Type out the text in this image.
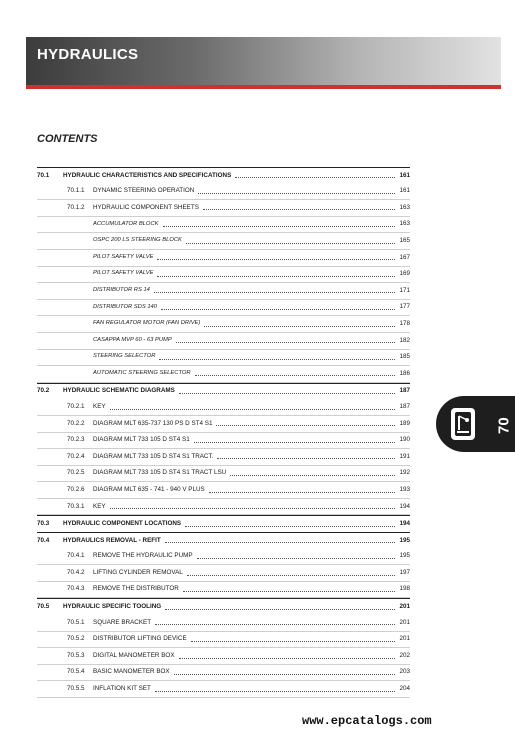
HYDRAULICS
CONTENTS
70.1	HYDRAULIC CHARACTERISTICS AND SPECIFICATIONS	161
70.1.1	DYNAMIC STEERING OPERATION	161
70.1.2	HYDRAULIC COMPONENT SHEETS	163
ACCUMULATOR BLOCK	163
OSPC 200 LS STEERING BLOCK	165
PILOT SAFETY VALVE	167
PILOT SAFETY VALVE	169
DISTRIBUTOR RS 14	171
DISTRIBUTOR SDS 140	177
FAN REGULATOR MOTOR (FAN DRIVE)	178
CASAPPA MVP 60 - 63 PUMP	182
STEERING SELECTOR	185
AUTOMATIC STEERING SELECTOR	186
70.2	HYDRAULIC SCHEMATIC DIAGRAMS	187
70.2.1	KEY	187
70.2.2	DIAGRAM MLT 635-737 130 PS D ST4 S1	189
70.2.3	DIAGRAM MLT 733 105 D ST4 S1	190
70.2.4	DIAGRAM MLT 733 105 D ST4 S1 TRACT.	191
70.2.5	DIAGRAM MLT 733 105 D ST4 S1 TRACT LSU	192
70.2.6	DIAGRAM MLT 635 - 741 - 940 V PLUS	193
70.3.1	KEY	194
70.3	HYDRAULIC COMPONENT LOCATIONS	194
70.4	HYDRAULICS REMOVAL - REFIT	195
70.4.1	REMOVE THE HYDRAULIC PUMP	195
70.4.2	LIFTING CYLINDER REMOVAL	197
70.4.3	REMOVE THE DISTRIBUTOR	198
70.5	HYDRAULIC SPECIFIC TOOLING	201
70.5.1	SQUARE BRACKET	201
70.5.2	DISTRIBUTOR LIFTING DEVICE	201
70.5.3	DIGITAL MANOMETER BOX	202
70.5.4	BASIC MANOMETER BOX	203
70.5.5	INFLATION KIT SET	204
70
www.epcatalogs.com
